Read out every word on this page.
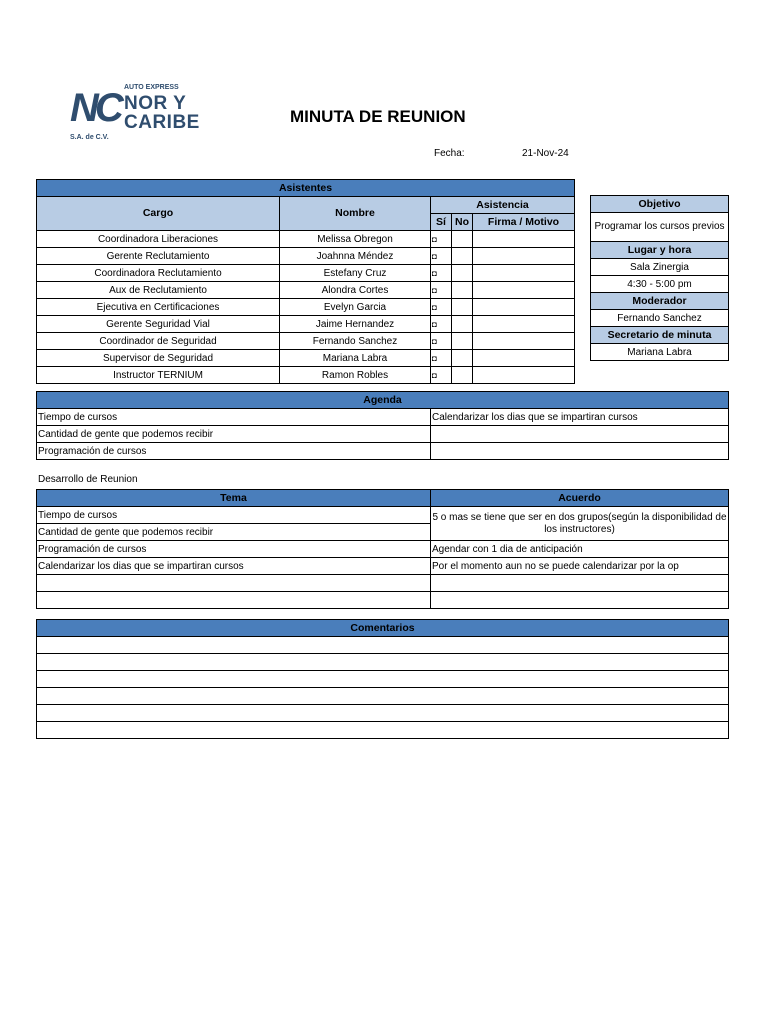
AUTO EXPRESS
NC NOR Y
CARIBE
S.A. de C.V.
MINUTA DE REUNION
Fecha:	21-Nov-24
Asistentes				
Cargo	Nombre	Asistencia		
		Sí	No	Firma / Motivo
Coordinadora Liberaciones	Melissa Obregon	◘		
Gerente Reclutamiento	Joahnna Méndez	◘		
Coordinadora Reclutamiento	Estefany Cruz	◘		
Aux de Reclutamiento	Alondra Cortes	◘		
Ejecutiva en Certificaciones	Evelyn Garcia	◘		
Gerente Seguridad Vial	Jaime Hernandez	◘		
Coordinador de Seguridad	Fernando Sanchez	◘		
Supervisor de Seguridad	Mariana Labra	◘		
Instructor TERNIUM	Ramon Robles	◘		
Objetivo
Programar los cursos previos
Lugar y hora
Sala Zinergia
4:30 - 5:00 pm
Moderador
Fernando Sanchez
Secretario de minuta
Mariana Labra
Agenda	
Tiempo de cursos	Calendarizar los dias que se impartiran cursos
Cantidad de gente que podemos recibir	
Programación de cursos	
Desarrollo de Reunion
Tema	Acuerdo
Tiempo de cursos	5 o mas se tiene que ser en dos grupos(según la disponibilidad de los instructores)
Cantidad de gente que podemos recibir	
Programación de cursos	Agendar con 1 dia de anticipación
Calendarizar los dias que se impartiran cursos	Por el momento aun no se puede calendarizar por la op

Comentarios
